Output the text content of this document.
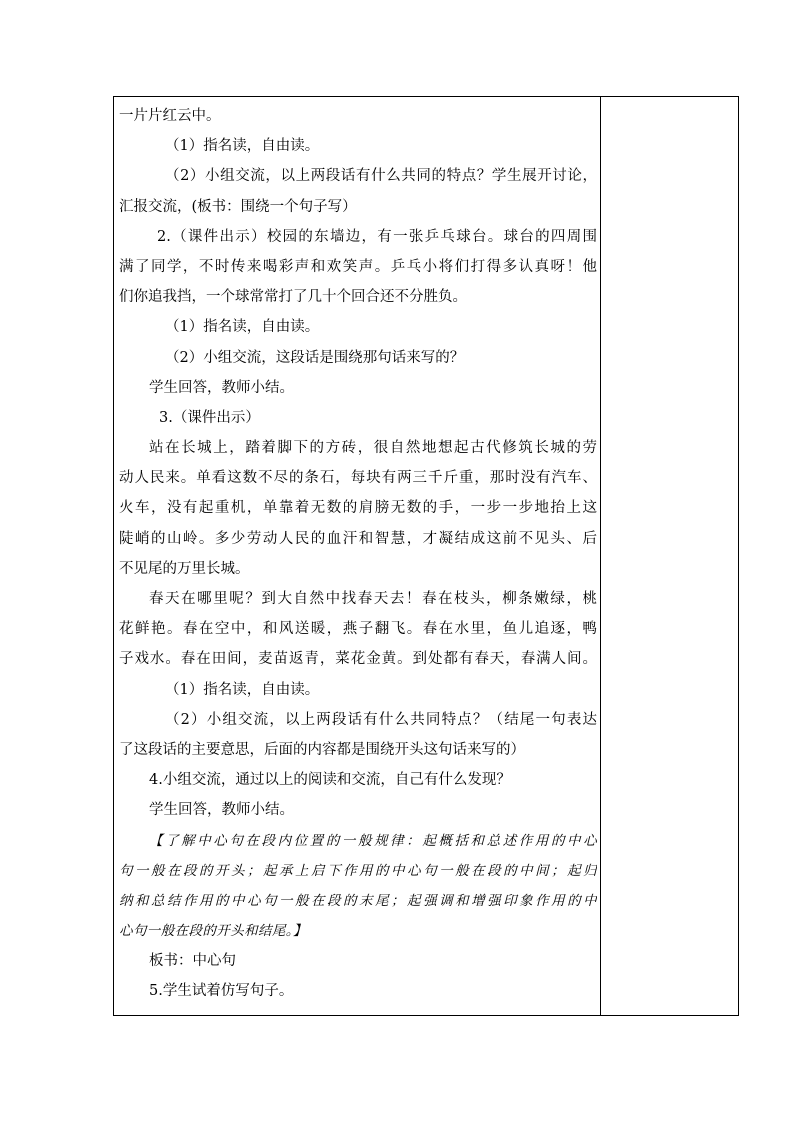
一片片红云中。
（1）指名读，自由读。
（2）小组交流，以上两段话有什么共同的特点？学生展开讨论，
汇报交流，(板书：围绕一个句子写）
2.（课件出示）校园的东墙边，有一张乒乓球台。球台的四周围
满了同学，不时传来喝彩声和欢笑声。乒乓小将们打得多认真呀！他
们你追我挡，一个球常常打了几十个回合还不分胜负。
（1）指名读，自由读。
（2）小组交流，这段话是围绕那句话来写的？
学生回答，教师小结。
3.（课件出示）
站在长城上，踏着脚下的方砖，很自然地想起古代修筑长城的劳
动人民来。单看这数不尽的条石，每块有两三千斤重，那时没有汽车、
火车，没有起重机，单靠着无数的肩膀无数的手，一步一步地抬上这
陡峭的山岭。多少劳动人民的血汗和智慧，才凝结成这前不见头、后
不见尾的万里长城。
春天在哪里呢？到大自然中找春天去！春在枝头，柳条嫩绿，桃
花鲜艳。春在空中，和风送暖，燕子翻飞。春在水里，鱼儿追逐，鸭
子戏水。春在田间，麦苗返青，菜花金黄。到处都有春天，春满人间。
（1）指名读，自由读。
（2）小组交流，以上两段话有什么共同特点？（结尾一句表达
了这段话的主要意思，后面的内容都是围绕开头这句话来写的）
4.小组交流，通过以上的阅读和交流，自己有什么发现？
学生回答，教师小结。
【了解中心句在段内位置的一般规律：起概括和总述作用的中心
句一般在段的开头；起承上启下作用的中心句一般在段的中间；起归
纳和总结作用的中心句一般在段的末尾；起强调和增强印象作用的中
心句一般在段的开头和结尾。】
板书：中心句
5.学生试着仿写句子。
